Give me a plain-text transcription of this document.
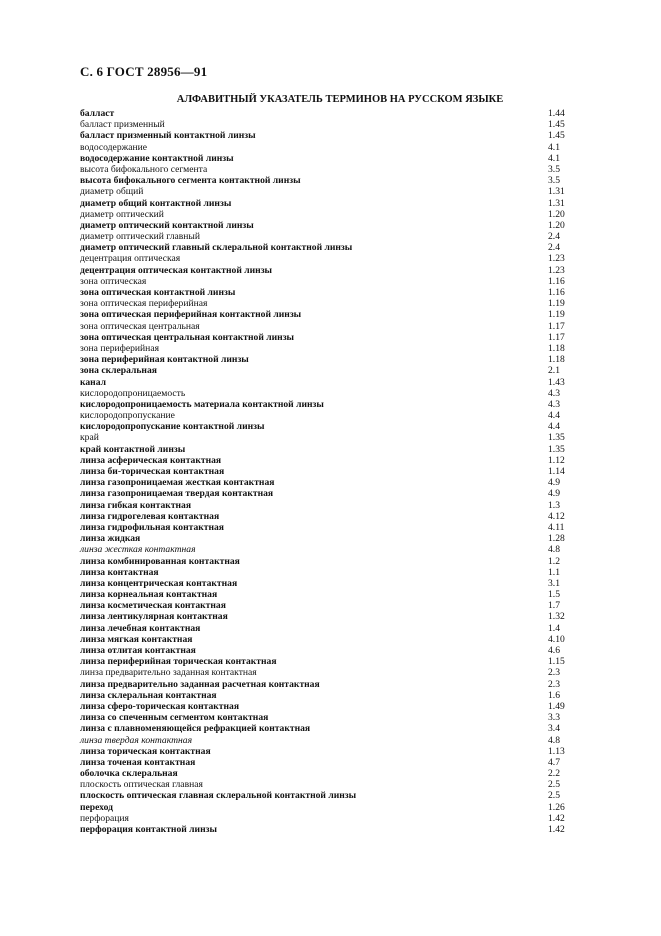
С. 6 ГОСТ 28956—91
АЛФАВИТНЫЙ УКАЗАТЕЛЬ ТЕРМИНОВ НА РУССКОМ ЯЗЫКЕ
балласт	1.44
балласт призменный	1.45
балласт призменный контактной линзы	1.45
водосодержание	4.1
водосодержание контактной линзы	4.1
высота бифокального сегмента	3.5
высота бифокального сегмента контактной линзы	3.5
диаметр общий	1.31
диаметр общий контактной линзы	1.31
диаметр оптический	1.20
диаметр оптический контактной линзы	1.20
диаметр оптический главный	2.4
диаметр оптический главный склеральной контактной линзы	2.4
децентрация оптическая	1.23
децентрация оптическая контактной линзы	1.23
зона оптическая	1.16
зона оптическая контактной линзы	1.16
зона оптическая периферийная	1.19
зона оптическая периферийная контактной линзы	1.19
зона оптическая центральная	1.17
зона оптическая центральная контактной линзы	1.17
зона периферийная	1.18
зона периферийная контактной линзы	1.18
зона склеральная	2.1
канал	1.43
кислородопроницаемость	4.3
кислородопроницаемость материала контактной линзы	4.3
кислородопропускание	4.4
кислородопропускание контактной линзы	4.4
край	1.35
край контактной линзы	1.35
линза асферическая контактная	1.12
линза би-торическая контактная	1.14
линза газопроницаемая жесткая контактная	4.9
линза газопроницаемая твердая контактная	4.9
линза гибкая контактная	1.3
линза гидрогелевая контактная	4.12
линза гидрофильная контактная	4.11
линза жидкая	1.28
линза жесткая контактная	4.8
линза комбинированная контактная	1.2
линза контактная	1.1
линза концентрическая контактная	3.1
линза корнеальная контактная	1.5
линза косметическая контактная	1.7
линза лентикулярная контактная	1.32
линза лечебная контактная	1.4
линза мягкая контактная	4.10
линза отлитая контактная	4.6
линза периферийная торическая контактная	1.15
линза предварительно заданная контактная	2.3
линза предварительно заданная расчетная контактная	2.3
линза склеральная контактная	1.6
линза сферо-торическая контактная	1.49
линза со спеченным сегментом контактная	3.3
линза с плавноменяющейся рефракцией контактная	3.4
линза твердая контактная	4.8
линза торическая контактная	1.13
линза точеная контактная	4.7
оболочка склеральная	2.2
плоскость оптическая главная	2.5
плоскость оптическая главная склеральной контактной линзы	2.5
переход	1.26
перфорация	1.42
перфорация контактной линзы	1.42
